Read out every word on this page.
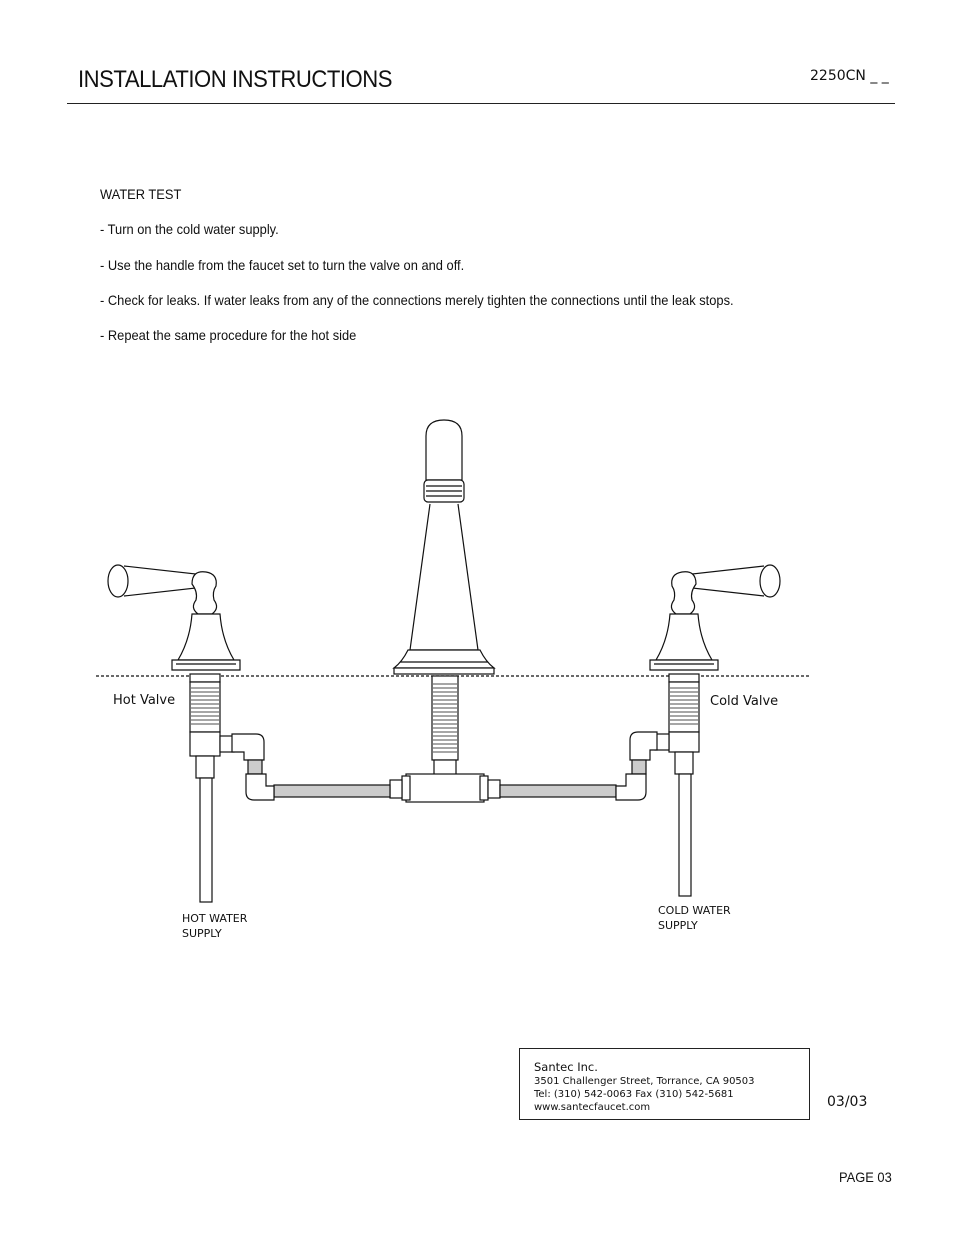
INSTALLATION INSTRUCTIONS	2250CN _ _
WATER TEST
- Turn on the cold water supply.
- Use the handle from the faucet set to turn the valve on and off.
- Check for leaks. If water leaks from any of the connections merely tighten the connections until the leak stops.
- Repeat the same procedure for the hot side
Hot Valve	Cold Valve
HOT WATER
SUPPLY
COLD WATER
SUPPLY
Santec Inc.
3501 Challenger Street, Torrance, CA 90503
Tel: (310) 542-0063 Fax (310) 542-5681
www.santecfaucet.com	03/03
PAGE 03
